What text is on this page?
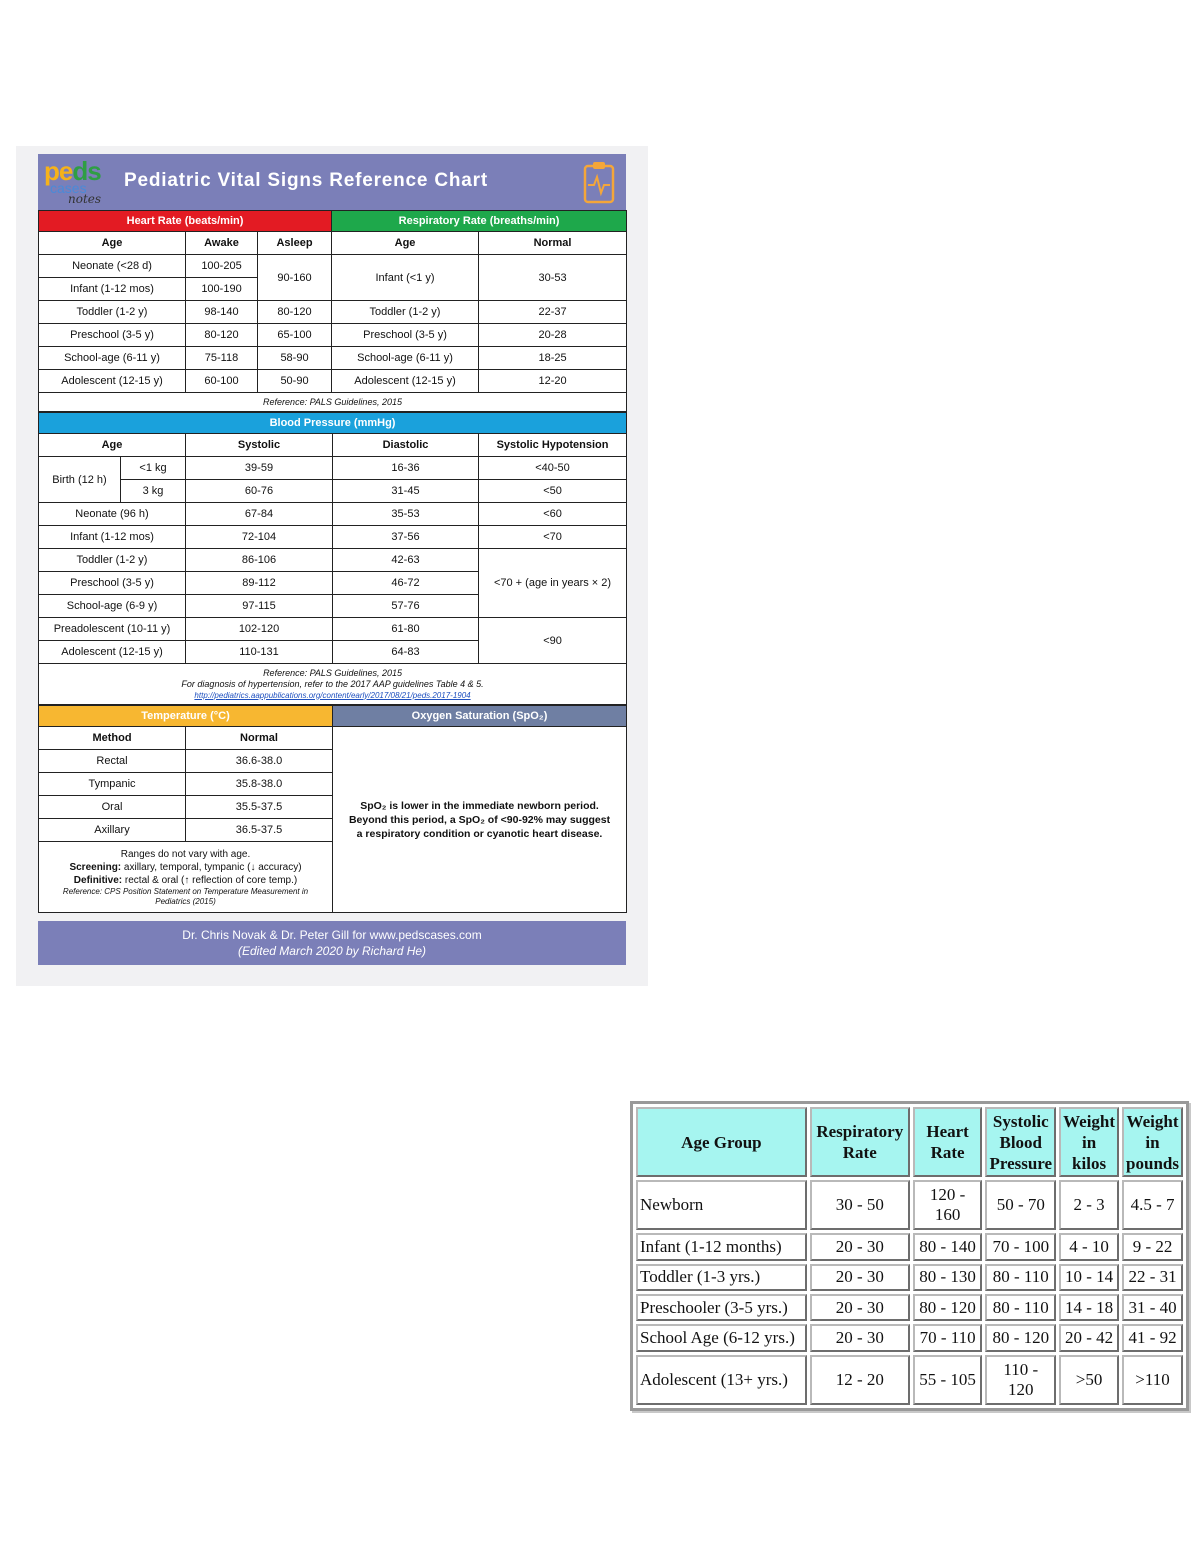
peds
cases
notes
Pediatric Vital Signs Reference Chart
Heart Rate (beats/min)			Respiratory Rate (breaths/min)	
Age	Awake	Asleep	Age	Normal
Neonate (<28 d)	100-205	90-160	Infant (<1 y)	30-53
Infant (1-12 mos)	100-190			
Toddler (1-2 y)	98-140	80-120	Toddler (1-2 y)	22-37
Preschool (3-5 y)	80-120	65-100	Preschool (3-5 y)	20-28
School-age (6-11 y)	75-118	58-90	School-age (6-11 y)	18-25
Adolescent (12-15 y)	60-100	50-90	Adolescent (12-15 y)	12-20
Reference: PALS Guidelines, 2015				
Blood Pressure (mmHg)				
Age		Systolic	Diastolic	Systolic Hypotension
Birth (12 h)	<1 kg	39-59	16-36	<40-50
	3 kg	60-76	31-45	<50
Neonate (96 h)		67-84	35-53	<60
Infant (1-12 mos)		72-104	37-56	<70
Toddler (1-2 y)		86-106	42-63	<70 + (age in years × 2)
Preschool (3-5 y)		89-112	46-72	
School-age (6-9 y)		97-115	57-76	
Preadolescent (10-11 y)		102-120	61-80	<90
Adolescent (12-15 y)		110-131	64-83	

Reference: PALS Guidelines, 2015
For diagnosis of hypertension, refer to the 2017 AAP guidelines Table 4 & 5.
http://pediatrics.aappublications.org/content/early/2017/08/21/peds.2017-1904				
Temperature (°C)		Oxygen Saturation (SpO₂)
Method	Normal	SpO₂ is lower in the immediate newborn period.
Beyond this period, a SpO₂ of <90-92% may suggest
a respiratory condition or cyanotic heart disease.

Rectal	36.6-38.0	
Tympanic	35.8-38.0	
Oral	35.5-37.5	
Axillary	36.5-37.5	

Ranges do not vary with age.
Screening: axillary, temporal, tympanic (↓ accuracy)
Definitive: rectal & oral (↑ reflection of core temp.)
Reference: CPS Position Statement on Temperature Measurement in Pediatrics (2015)		
Dr. Chris Novak & Dr. Peter Gill for www.pedscases.com
(Edited March 2020 by Richard He)
Age Group	Respiratory Rate	Heart Rate	Systolic Blood Pressure	Weight in kilos	Weight in pounds
Newborn	30 - 50	120 - 160	50 - 70	2 - 3	4.5 - 7
Infant (1-12 months)	20 - 30	80 - 140	70 - 100	4 - 10	9 - 22
Toddler (1-3 yrs.)	20 - 30	80 - 130	80 - 110	10 - 14	22 - 31
Preschooler (3-5 yrs.)	20 - 30	80 - 120	80 - 110	14 - 18	31 - 40
School Age (6-12 yrs.)	20 - 30	70 - 110	80 - 120	20 - 42	41 - 92
Adolescent (13+ yrs.)	12 - 20	55 - 105	110 - 120	>50	>110
